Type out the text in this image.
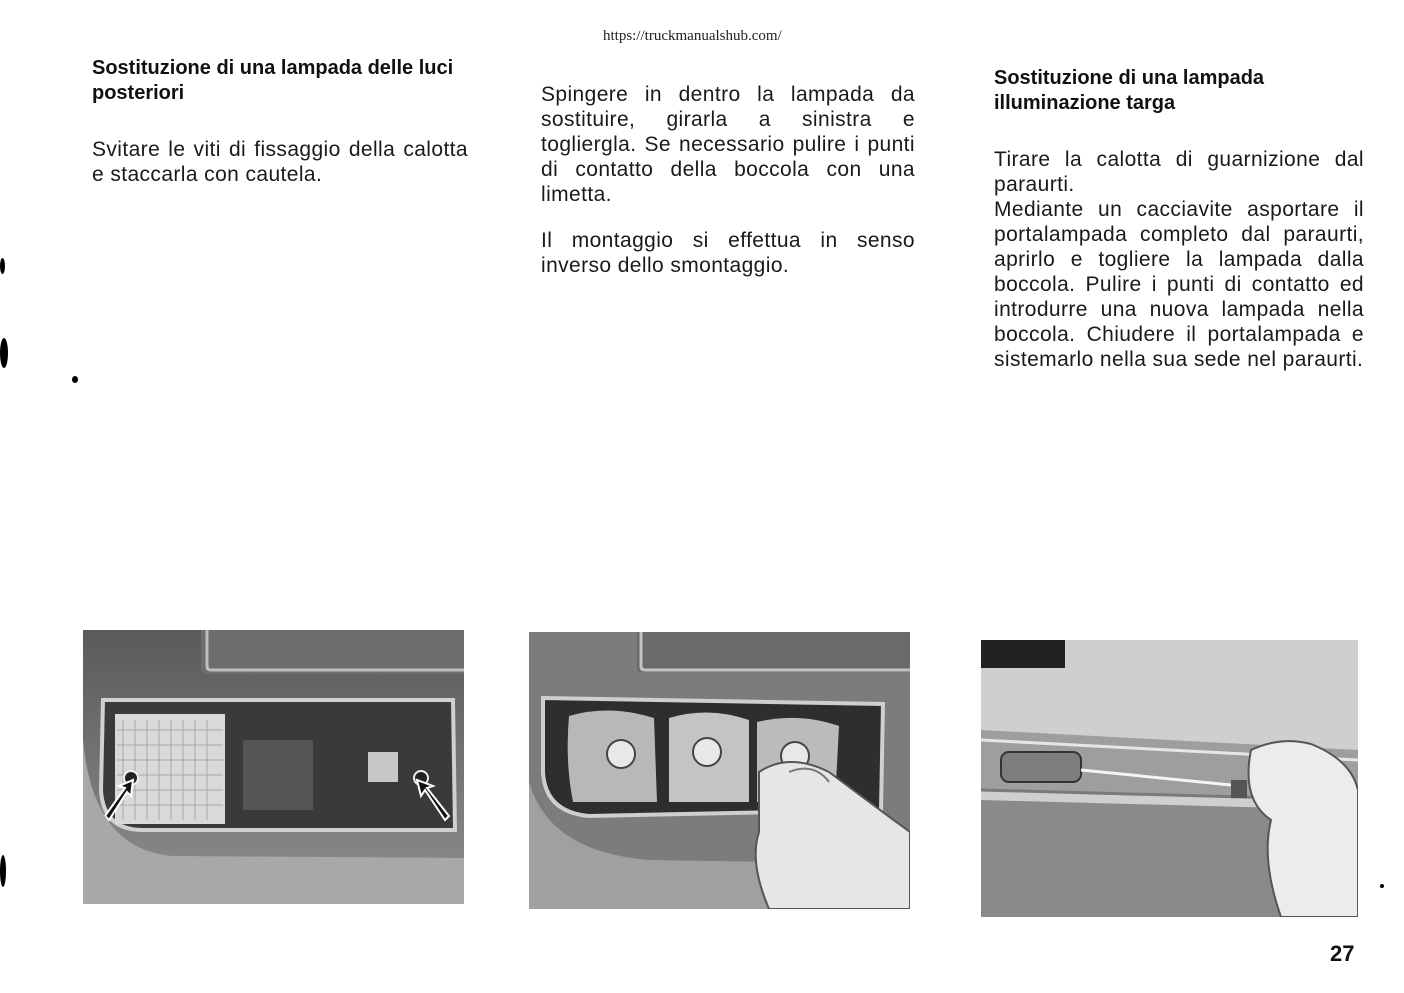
https://truckmanualshub.com/
Sostituzione di una lampada delle luci posteriori

Svitare le viti di fissaggio della calotta e staccarla con cautela.

Spingere in dentro la lampada da sostituire, girarla a sinistra e togliergla. Se necessario pulire i punti di contatto della boccola con una limetta.

Il montaggio si effettua in senso inverso dello smontaggio.

Sostituzione di una lampada illuminazione targa

Tirare la calotta di guarnizione dal paraurti.

Mediante un cacciavite asportare il portalampada completo dal paraurti, aprirlo e togliere la lampada dalla boccola. Pulire i punti di contatto ed introdurre una nuova lampada nella boccola. Chiudere il portalampada e sistemarlo nella sua sede nel paraurti.

27
